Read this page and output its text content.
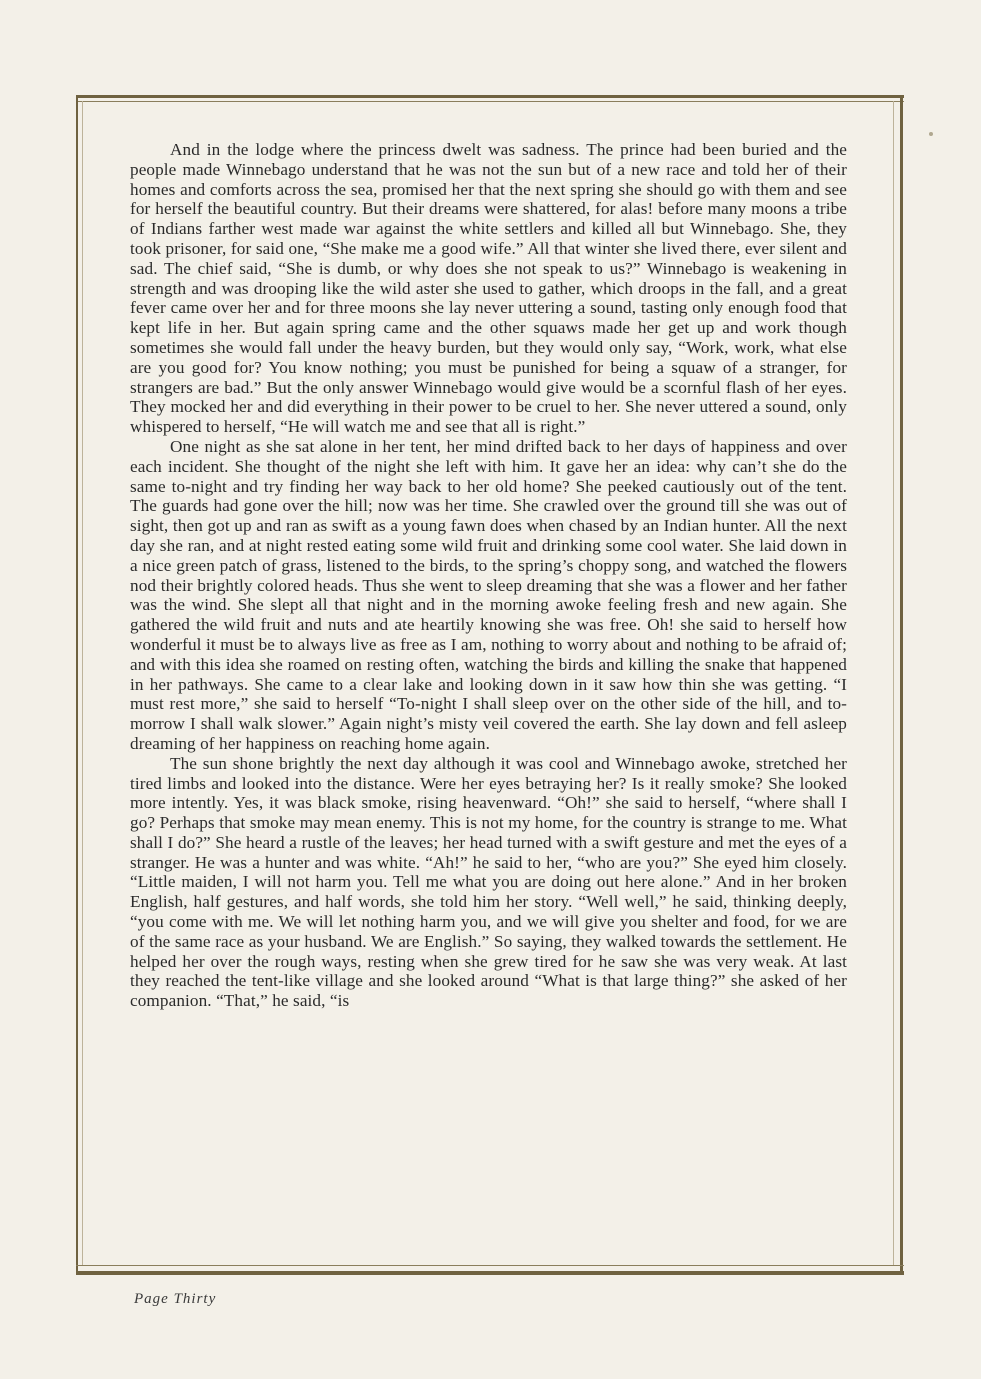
And in the lodge where the princess dwelt was sadness. The prince had been buried and the people made Winnebago understand that he was not the sun but of a new race and told her of their homes and comforts across the sea, promised her that the next spring she should go with them and see for herself the beautiful country. But their dreams were shattered, for alas! before many moons a tribe of Indians farther west made war against the white settlers and killed all but Winnebago. She, they took prisoner, for said one, “She make me a good wife.” All that winter she lived there, ever silent and sad. The chief said, “She is dumb, or why does she not speak to us?” Winnebago is weakening in strength and was drooping like the wild aster she used to gather, which droops in the fall, and a great fever came over her and for three moons she lay never uttering a sound, tasting only enough food that kept life in her. But again spring came and the other squaws made her get up and work though sometimes she would fall under the heavy burden, but they would only say, “Work, work, what else are you good for? You know nothing; you must be punished for being a squaw of a stranger, for strangers are bad.” But the only answer Winnebago would give would be a scornful flash of her eyes. They mocked her and did everything in their power to be cruel to her. She never uttered a sound, only whispered to herself, “He will watch me and see that all is right.”

One night as she sat alone in her tent, her mind drifted back to her days of happiness and over each incident. She thought of the night she left with him. It gave her an idea: why can’t she do the same to-night and try finding her way back to her old home? She peeked cautiously out of the tent. The guards had gone over the hill; now was her time. She crawled over the ground till she was out of sight, then got up and ran as swift as a young fawn does when chased by an Indian hunter. All the next day she ran, and at night rested eating some wild fruit and drinking some cool water. She laid down in a nice green patch of grass, listened to the birds, to the spring’s choppy song, and watched the flowers nod their brightly colored heads. Thus she went to sleep dreaming that she was a flower and her father was the wind. She slept all that night and in the morning awoke feeling fresh and new again. She gathered the wild fruit and nuts and ate heartily knowing she was free. Oh! she said to herself how wonderful it must be to always live as free as I am, nothing to worry about and nothing to be afraid of; and with this idea she roamed on resting often, watching the birds and killing the snake that happened in her pathways. She came to a clear lake and looking down in it saw how thin she was getting. “I must rest more,” she said to herself “To-night I shall sleep over on the other side of the hill, and to-morrow I shall walk slower.” Again night’s misty veil covered the earth. She lay down and fell asleep dreaming of her happiness on reaching home again.

The sun shone brightly the next day although it was cool and Winnebago awoke, stretched her tired limbs and looked into the distance. Were her eyes betraying her? Is it really smoke? She looked more intently. Yes, it was black smoke, rising heavenward. “Oh!” she said to herself, “where shall I go? Perhaps that smoke may mean enemy. This is not my home, for the country is strange to me. What shall I do?” She heard a rustle of the leaves; her head turned with a swift gesture and met the eyes of a stranger. He was a hunter and was white. “Ah!” he said to her, “who are you?” She eyed him closely. “Little maiden, I will not harm you. Tell me what you are doing out here alone.” And in her broken English, half gestures, and half words, she told him her story. “Well well,” he said, thinking deeply, “you come with me. We will let nothing harm you, and we will give you shelter and food, for we are of the same race as your husband. We are English.” So saying, they walked towards the settlement. He helped her over the rough ways, resting when she grew tired for he saw she was very weak. At last they reached the tent-like village and she looked around “What is that large thing?” she asked of her companion. “That,” he said, “is

Page Thirty
